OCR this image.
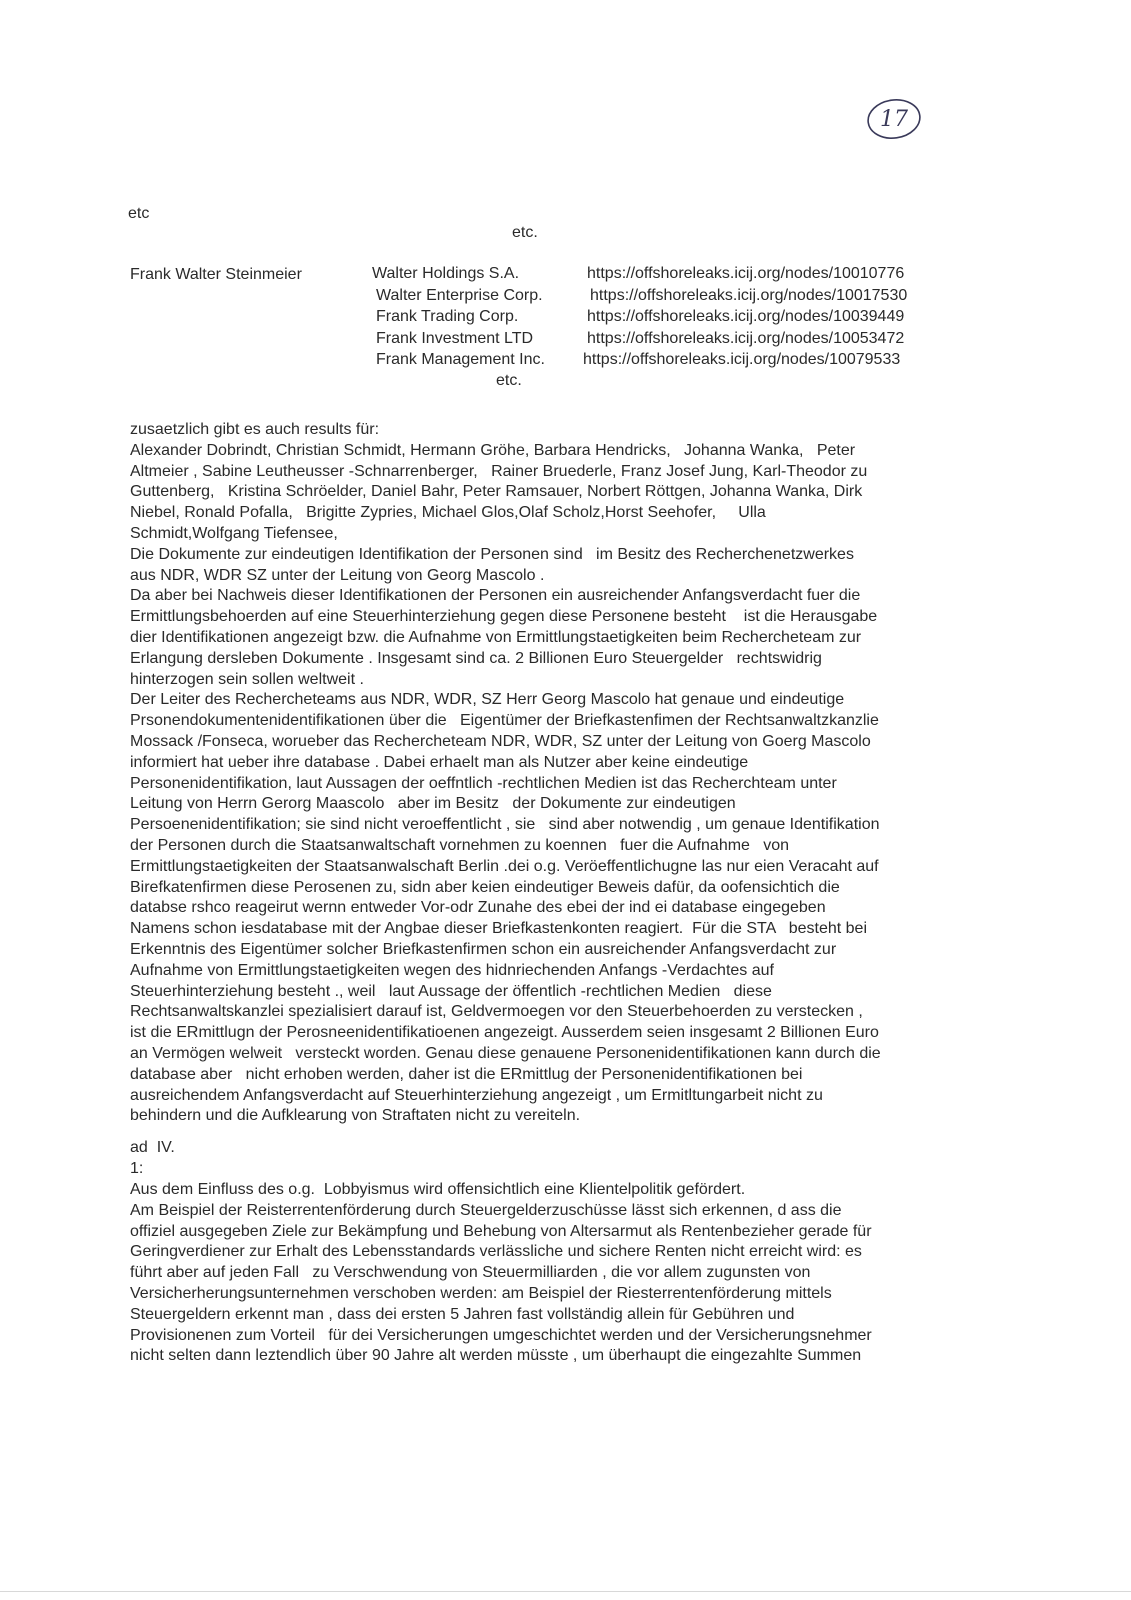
17
etc
etc.
Frank Walter Steinmeier	Walter Holdings S.A.
Walter Enterprise Corp.
Frank Trading Corp.
Frank Investment LTD
Frank Management Inc.
https://offshoreleaks.icij.org/nodes/10010776
https://offshoreleaks.icij.org/nodes/10017530
https://offshoreleaks.icij.org/nodes/10039449
https://offshoreleaks.icij.org/nodes/10053472
https://offshoreleaks.icij.org/nodes/10079533
etc.
zusaetzlich gibt es auch results für:
Alexander Dobrindt, Christian Schmidt, Hermann Gröhe, Barbara Hendricks,   Johanna Wanka,   Peter
Altmeier , Sabine Leutheusser -Schnarrenberger,   Rainer Bruederle, Franz Josef Jung, Karl-Theodor zu
Guttenberg,   Kristina Schröelder, Daniel Bahr, Peter Ramsauer, Norbert Röttgen, Johanna Wanka, Dirk
Niebel, Ronald Pofalla,   Brigitte Zypries, Michael Glos,Olaf Scholz,Horst Seehofer,     Ulla
Schmidt,Wolfgang Tiefensee,
Die Dokumente zur eindeutigen Identifikation der Personen sind   im Besitz des Recherchenetzwerkes
aus NDR, WDR SZ unter der Leitung von Georg Mascolo .
Da aber bei Nachweis dieser Identifikationen der Personen ein ausreichender Anfangsverdacht fuer die
Ermittlungsbehoerden auf eine Steuerhinterziehung gegen diese Personene besteht    ist die Herausgabe
dier Identifikationen angezeigt bzw. die Aufnahme von Ermittlungstaetigkeiten beim Rechercheteam zur
Erlangung dersleben Dokumente . Insgesamt sind ca. 2 Billionen Euro Steuergelder   rechtswidrig
hinterzogen sein sollen weltweit .
Der Leiter des Rechercheteams aus NDR, WDR, SZ Herr Georg Mascolo hat genaue und eindeutige
Prsonendokumentenidentifikationen über die   Eigentümer der Briefkastenfimen der Rechtsanwaltzkanzlie
Mossack /Fonseca, worueber das Rechercheteam NDR, WDR, SZ unter der Leitung von Goerg Mascolo
informiert hat ueber ihre database . Dabei erhaelt man als Nutzer aber keine eindeutige
Personenidentifikation, laut Aussagen der oeffntlich -rechtlichen Medien ist das Recherchteam unter
Leitung von Herrn Gerorg Maascolo   aber im Besitz   der Dokumente zur eindeutigen
Persoenenidentifikation; sie sind nicht veroeffentlicht , sie   sind aber notwendig , um genaue Identifikation
der Personen durch die Staatsanwaltschaft vornehmen zu koennen   fuer die Aufnahme   von
Ermittlungstaetigkeiten der Staatsanwalschaft Berlin .dei o.g. Veröeffentlichugne las nur eien Veracaht auf
Birefkatenfirmen diese Perosenen zu, sidn aber keien eindeutiger Beweis dafür, da oofensichtich die
databse rshco reageirut wernn entweder Vor-odr Zunahe des ebei der ind ei database eingegeben
Namens schon iesdatabase mit der Angbae dieser Briefkastenkonten reagiert.  Für die STA   besteht bei
Erkenntnis des Eigentümer solcher Briefkastenfirmen schon ein ausreichender Anfangsverdacht zur
Aufnahme von Ermittlungstaetigkeiten wegen des hidnriechenden Anfangs -Verdachtes auf
Steuerhinterziehung besteht ., weil   laut Aussage der öffentlich -rechtlichen Medien   diese
Rechtsanwaltskanzlei spezialisiert darauf ist, Geldvermoegen vor den Steuerbehoerden zu verstecken ,
ist die ERmittlugn der Perosneenidentifikatioenen angezeigt. Ausserdem seien insgesamt 2 Billionen Euro
an Vermögen welweit   versteckt worden. Genau diese genauene Personenidentifikationen kann durch die
database aber   nicht erhoben werden, daher ist die ERmittlug der Personenidentifikationen bei
ausreichendem Anfangsverdacht auf Steuerhinterziehung angezeigt , um Ermitltungarbeit nicht zu
behindern und die Aufklearung von Straftaten nicht zu vereiteln.
ad  IV.
1:
Aus dem Einfluss des o.g.  Lobbyismus wird offensichtlich eine Klientelpolitik gefördert.
Am Beispiel der Reisterrentenförderung durch Steuergelderzuschüsse lässt sich erkennen, d ass die
offiziel ausgegeben Ziele zur Bekämpfung und Behebung von Altersarmut als Rentenbezieher gerade für
Geringverdiener zur Erhalt des Lebensstandards verlässliche und sichere Renten nicht erreicht wird: es
führt aber auf jeden Fall   zu Verschwendung von Steuermilliarden , die vor allem zugunsten von
Versicherherungsunternehmen verschoben werden: am Beispiel der Riesterrentenförderung mittels
Steuergeldern erkennt man , dass dei ersten 5 Jahren fast vollständig allein für Gebühren und
Provisionenen zum Vorteil   für dei Versicherungen umgeschichtet werden und der Versicherungsnehmer
nicht selten dann leztendlich über 90 Jahre alt werden müsste , um überhaupt die eingezahlte Summen
